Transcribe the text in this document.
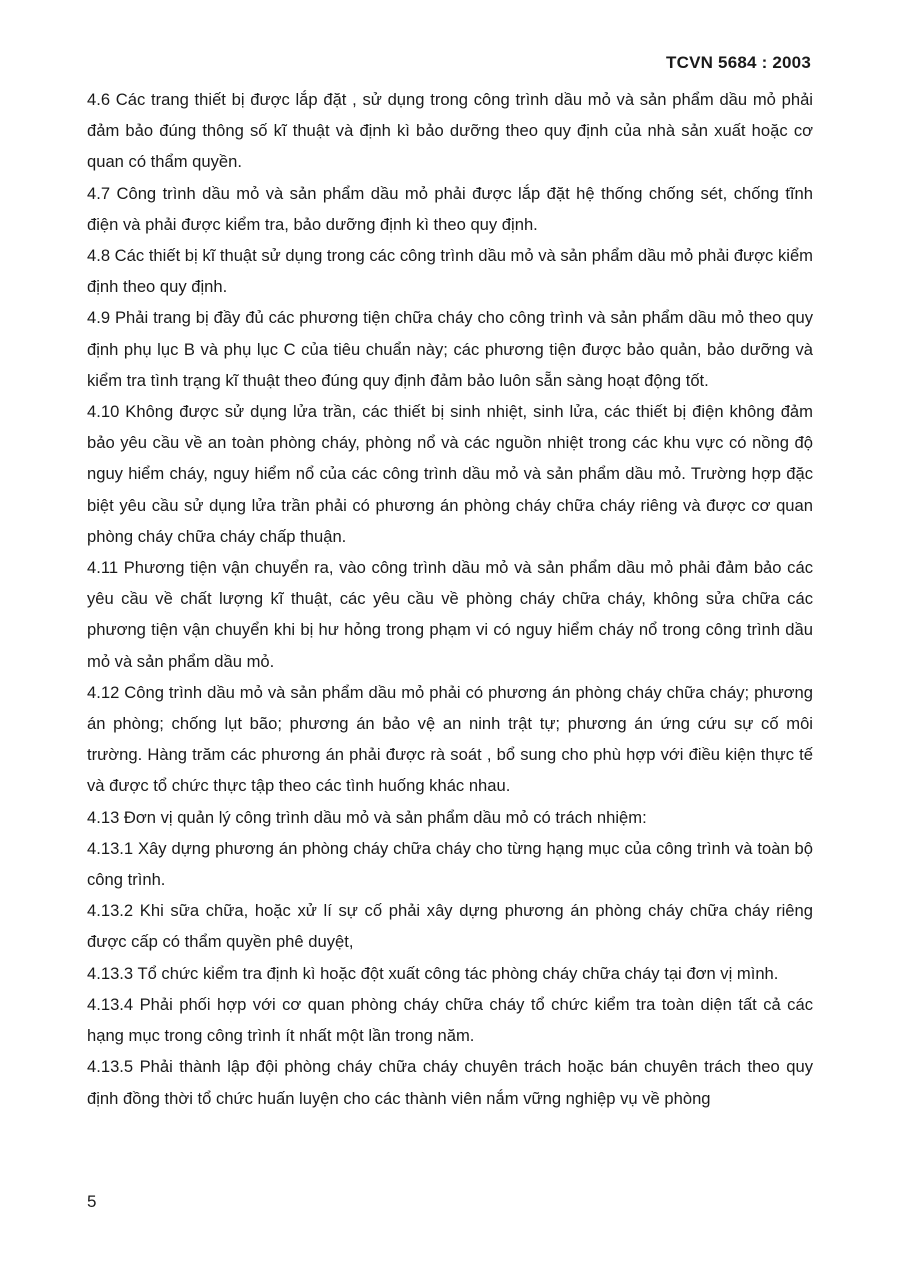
TCVN 5684 : 2003

4.6 Các trang thiết bị được lắp đặt , sử dụng trong công trình dầu mỏ và sản phẩm dầu mỏ phải đảm bảo đúng thông số kĩ thuật và định kì bảo dưỡng theo quy định của nhà sản xuất hoặc cơ quan có thẩm quyền.

4.7 Công trình dầu mỏ và sản phẩm dầu mỏ phải được lắp đặt hệ thống chống sét, chống tĩnh điện và phải được kiểm tra, bảo dưỡng định kì theo quy định.

4.8 Các thiết bị kĩ thuật sử dụng trong các công trình dầu mỏ và sản phẩm dầu mỏ phải được kiểm định theo quy định.

4.9 Phải trang bị đầy đủ các phương tiện chữa cháy cho công trình và sản phẩm dầu mỏ theo quy định phụ lục B và phụ lục C của tiêu chuẩn này; các phương tiện được bảo quản, bảo dưỡng và kiểm tra tình trạng kĩ thuật theo đúng quy định đảm bảo luôn sẵn sàng hoạt động tốt.

4.10 Không được sử dụng lửa trần, các thiết bị sinh nhiệt, sinh lửa, các thiết bị điện không đảm bảo yêu cầu về an toàn phòng cháy, phòng nổ và các nguồn nhiệt trong các khu vực có nồng độ nguy hiểm cháy, nguy hiểm nổ của các công trình dầu mỏ và sản phẩm dầu mỏ. Trường hợp đặc biệt yêu cầu sử dụng lửa trần phải có phương án phòng cháy chữa cháy riêng và được cơ quan phòng cháy chữa cháy chấp thuận.

4.11 Phương tiện vận chuyển ra, vào công trình dầu mỏ và sản phẩm dầu mỏ phải đảm bảo các yêu cầu về chất lượng kĩ thuật, các yêu cầu về phòng cháy chữa cháy, không sửa chữa các phương tiện vận chuyển khi bị hư hỏng trong phạm vi có nguy hiểm cháy nổ trong công trình dầu mỏ và sản phẩm dầu mỏ.

4.12 Công trình dầu mỏ và sản phẩm dầu mỏ phải có phương án phòng cháy chữa cháy; phương án phòng; chống lụt bão; phương án bảo vệ an ninh trật tự; phương án ứng cứu sự cố môi trường. Hàng trăm các phương án phải được rà soát , bổ sung cho phù hợp với điều kiện thực tế và được tổ chức thực tập theo các tình huống khác nhau.

4.13 Đơn vị quản lý công trình dầu mỏ và sản phẩm dầu mỏ có trách nhiệm:

4.13.1 Xây dựng phương án phòng cháy chữa cháy cho từng hạng mục của công trình và toàn bộ công trình.

4.13.2 Khi sữa chữa, hoặc xử lí sự cố phải xây dựng phương án phòng cháy chữa cháy riêng được cấp có thẩm quyền phê duyệt,

4.13.3 Tổ chức kiểm tra định kì hoặc đột xuất công tác phòng cháy chữa cháy tại đơn vị mình.

4.13.4 Phải phối hợp với cơ quan phòng cháy chữa cháy tổ chức kiểm tra toàn diện tất cả các hạng mục trong công trình ít nhất một lần trong năm.

4.13.5 Phải thành lập đội phòng cháy chữa cháy chuyên trách hoặc bán chuyên trách theo quy định đồng thời tổ chức huấn luyện cho các thành viên nắm vững nghiệp vụ về phòng

5
